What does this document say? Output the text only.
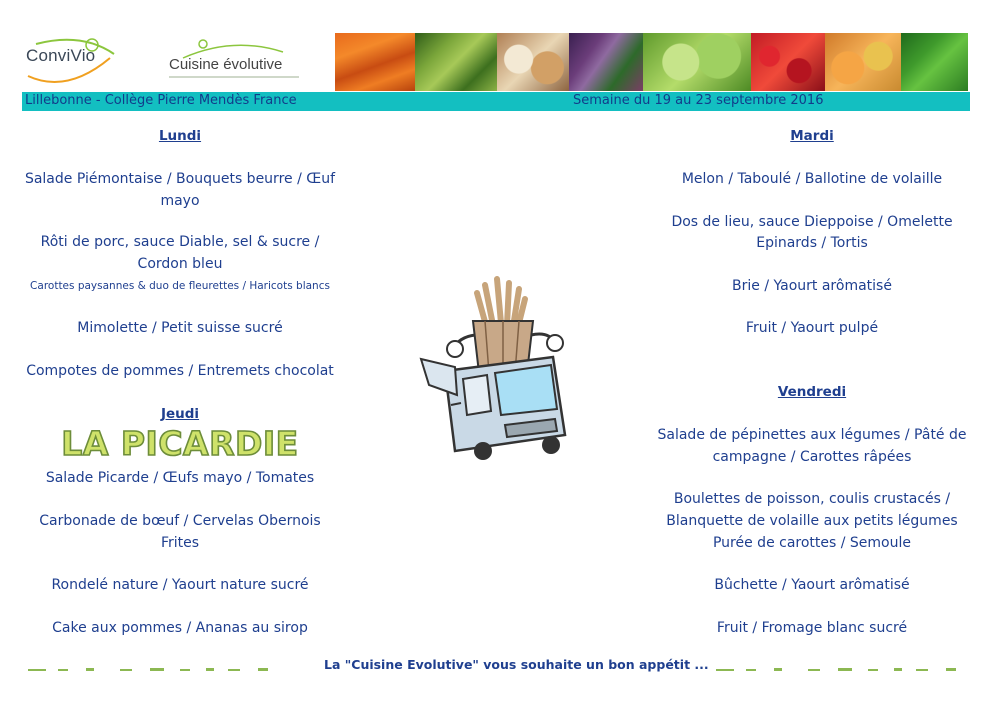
ConviVio	Cuisine évolutive
Lillebonne - Collège Pierre Mendès France	Semaine du 19 au 23 septembre 2016
Lundi
Salade Piémontaise / Bouquets beurre / Œuf
mayo
Rôti de porc, sauce Diable, sel & sucre /
Cordon bleu
Carottes paysannes & duo de fleurettes / Haricots blancs
Mimolette / Petit suisse sucré
Compotes de pommes / Entremets chocolat
Jeudi
LA PICARDIE
Salade Picarde / Œufs mayo / Tomates
Carbonade de bœuf / Cervelas Obernois
Frites
Rondelé nature / Yaourt nature sucré
Cake aux pommes / Ananas au sirop
Mardi
Melon / Taboulé / Ballotine de volaille
Dos de lieu, sauce Dieppoise / Omelette
Epinards / Tortis
Brie / Yaourt arômatisé
Fruit / Yaourt pulpé
Vendredi
Salade de pépinettes aux légumes / Pâté de
campagne / Carottes râpées
Boulettes de poisson, coulis crustacés /
Blanquette de volaille aux petits légumes
Purée de carottes / Semoule
Bûchette / Yaourt arômatisé
Fruit / Fromage blanc sucré
La "Cuisine Evolutive" vous souhaite un bon appétit ...
